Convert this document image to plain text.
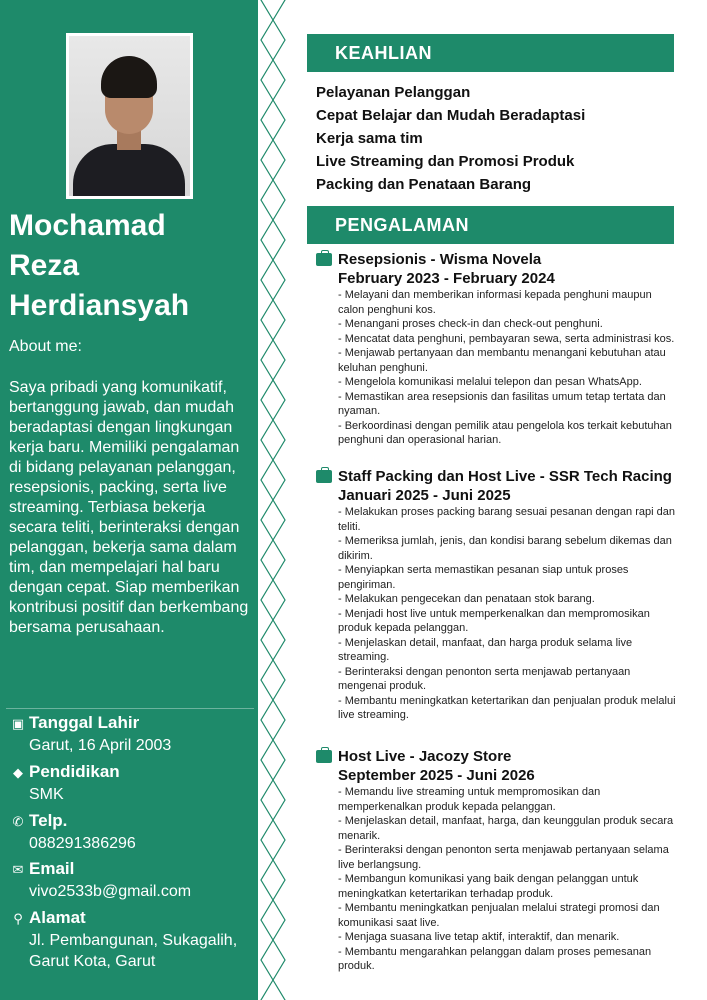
Mochamad
Reza
Herdiansyah
About me:
Saya pribadi yang komunikatif, bertanggung jawab, dan mudah beradaptasi dengan lingkungan kerja baru. Memiliki pengalaman di bidang pelayanan pelanggan, resepsionis, packing, serta live streaming. Terbiasa bekerja secara teliti, berinteraksi dengan pelanggan, bekerja sama dalam tim, dan mempelajari hal baru dengan cepat. Siap memberikan kontribusi positif dan berkembang bersama perusahaan.
▣ Tanggal Lahir
Garut, 16 April 2003
◆ Pendidikan
SMK
✆ Telp.
088291386296
✉ Email
vivo2533b@gmail.com
⚲ Alamat
Jl. Pembangunan, Sukagalih, Garut Kota, Garut
KEAHLIAN
Pelayanan Pelanggan
Cepat Belajar dan Mudah Beradaptasi
Kerja sama tim
Live Streaming dan Promosi Produk
Packing dan Penataan Barang
PENGALAMAN
Resepsionis - Wisma Novela
February 2023 - February 2024
- Melayani dan memberikan informasi kepada penghuni maupun calon penghuni kos.
- Menangani proses check-in dan check-out penghuni.
- Mencatat data penghuni, pembayaran sewa, serta administrasi kos.
- Menjawab pertanyaan dan membantu menangani kebutuhan atau keluhan penghuni.
- Mengelola komunikasi melalui telepon dan pesan WhatsApp.
- Memastikan area resepsionis dan fasilitas umum tetap tertata dan nyaman.
- Berkoordinasi dengan pemilik atau pengelola kos terkait kebutuhan penghuni dan operasional harian.
Staff Packing dan Host Live - SSR Tech Racing
Januari 2025 - Juni 2025
- Melakukan proses packing barang sesuai pesanan dengan rapi dan teliti.
- Memeriksa jumlah, jenis, dan kondisi barang sebelum dikemas dan dikirim.
- Menyiapkan serta memastikan pesanan siap untuk proses pengiriman.
- Melakukan pengecekan dan penataan stok barang.
- Menjadi host live untuk memperkenalkan dan mempromosikan produk kepada pelanggan.
- Menjelaskan detail, manfaat, dan harga produk selama live streaming.
- Berinteraksi dengan penonton serta menjawab pertanyaan mengenai produk.
- Membantu meningkatkan ketertarikan dan penjualan produk melalui live streaming.
Host Live - Jacozy Store
September 2025 - Juni 2026
- Memandu live streaming untuk mempromosikan dan memperkenalkan produk kepada pelanggan.
- Menjelaskan detail, manfaat, harga, dan keunggulan produk secara menarik.
- Berinteraksi dengan penonton serta menjawab pertanyaan selama live berlangsung.
- Membangun komunikasi yang baik dengan pelanggan untuk meningkatkan ketertarikan terhadap produk.
- Membantu meningkatkan penjualan melalui strategi promosi dan komunikasi saat live.
- Menjaga suasana live tetap aktif, interaktif, dan menarik.
- Membantu mengarahkan pelanggan dalam proses pemesanan produk.
